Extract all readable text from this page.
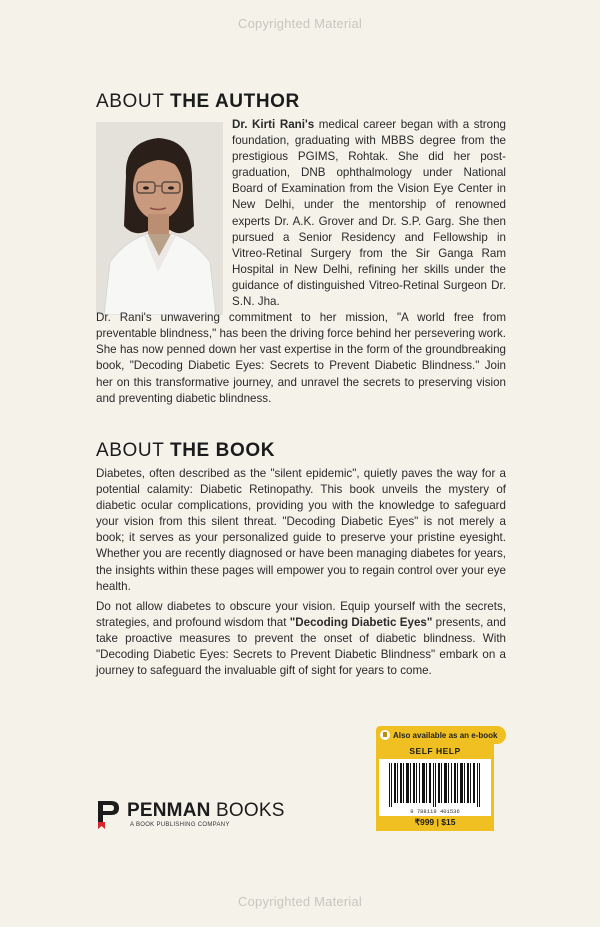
Copyrighted Material
ABOUT THE AUTHOR

Dr. Kirti Rani's medical career began with a strong foundation, graduating with MBBS degree from the prestigious PGIMS, Rohtak. She did her post-graduation, DNB ophthalmology under National Board of Examination from the Vision Eye Center in New Delhi, under the mentorship of renowned experts Dr. A.K. Grover and Dr. S.P. Garg. She then pursued a Senior Residency and Fellowship in Vitreo-Retinal Surgery from the Sir Ganga Ram Hospital in New Delhi, refining her skills under the guidance of distinguished Vitreo-Retinal Surgeon Dr. S.N. Jha.

Dr. Rani's unwavering commitment to her mission, "A world free from preventable blindness," has been the driving force behind her persevering work. She has now penned down her vast expertise in the form of the groundbreaking book, "Decoding Diabetic Eyes: Secrets to Prevent Diabetic Blindness." Join her on this transformative journey, and unravel the secrets to preserving vision and preventing diabetic blindness.

ABOUT THE BOOK

Diabetes, often described as the "silent epidemic", quietly paves the way for a potential calamity: Diabetic Retinopathy. This book unveils the mystery of diabetic ocular complications, providing you with the knowledge to safeguard your vision from this silent threat. "Decoding Diabetic Eyes" is not merely a book; it serves as your personalized guide to preserve your pristine eyesight. Whether you are recently diagnosed or have been managing diabetes for years, the insights within these pages will empower you to regain control over your eye health.

Do not allow diabetes to obscure your vision. Equip yourself with the secrets, strategies, and profound wisdom that "Decoding Diabetic Eyes" presents, and take proactive measures to prevent the onset of diabetic blindness. With "Decoding Diabetic Eyes: Secrets to Prevent Diabetic Blindness" embark on a journey to safeguard the invaluable gift of sight for years to come.

Also available as an e-book
SELF HELP
9 788119 401536
₹999 | $15
PENMAN BOOKS
A BOOK PUBLISHING COMPANY
Copyrighted Material
